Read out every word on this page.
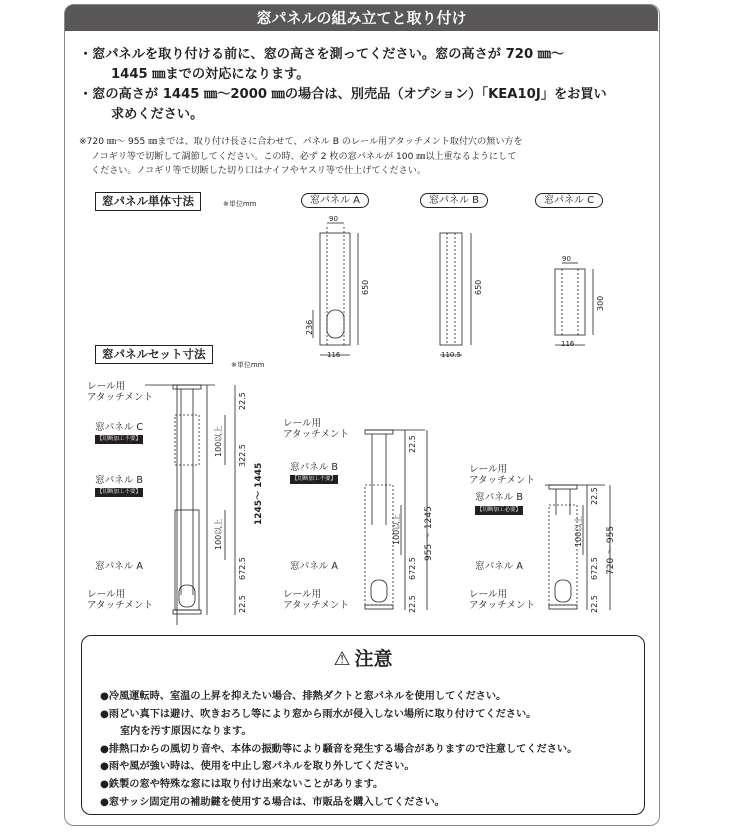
窓パネルの組み立てと取り付け
・窓パネルを取り付ける前に、窓の高さを測ってください。窓の高さが 720 ㎜〜
1445 ㎜までの対応になります。
・窓の高さが 1445 ㎜〜2000 ㎜の場合は、別売品（オプション）「KEA10J」をお買い
求めください。
※720 ㎜〜 955 ㎜までは、取り付け長さに合わせて、パネル B のレール用アタッチメント取付穴の無い方を
ノコギリ等で切断して調節してください。この時、必ず 2 枚の窓パネルが 100 ㎜以上重なるようにして
ください。ノコギリ等で切断した切り口はナイフやヤスリ等で仕上げてください。
窓パネル単体寸法	※単位mm	窓パネル A	窓パネル B	窓パネル C
90
650
236
116
650
110.5
90
300
116
窓パネルセット寸法
※単位mm
レール用
アタッチメント
窓パネル C
【切断加工不要】
窓パネル B
【切断加工不要】
窓パネル A
レール用
アタッチメント
22.5
322.5
100以上
100以上
1245〜 1445
672.5
22.5
レール用
アタッチメント
窓パネル B
【切断加工不要】
窓パネル A
レール用
アタッチメント
22.5
100以上
672.5
955 〜 1245
22.5
レール用
アタッチメント
窓パネル B
【切断加工必要】
窓パネル A
レール用
アタッチメント
22.5
100以上
672.5 720 〜 955
22.5
⚠ 注意
●冷風運転時、室温の上昇を抑えたい場合、排熱ダクトと窓パネルを使用してください。
●雨どい真下は避け、吹きおろし等により窓から雨水が侵入しない場所に取り付けてください。
室内を汚す原因になります。
●排熱口からの風切り音や、本体の振動等により騒音を発生する場合がありますので注意してください。
●雨や風が強い時は、使用を中止し窓パネルを取り外してください。
●鉄製の窓や特殊な窓には取り付け出来ないことがあります。
●窓サッシ固定用の補助鍵を使用する場合は、市販品を購入してください。
